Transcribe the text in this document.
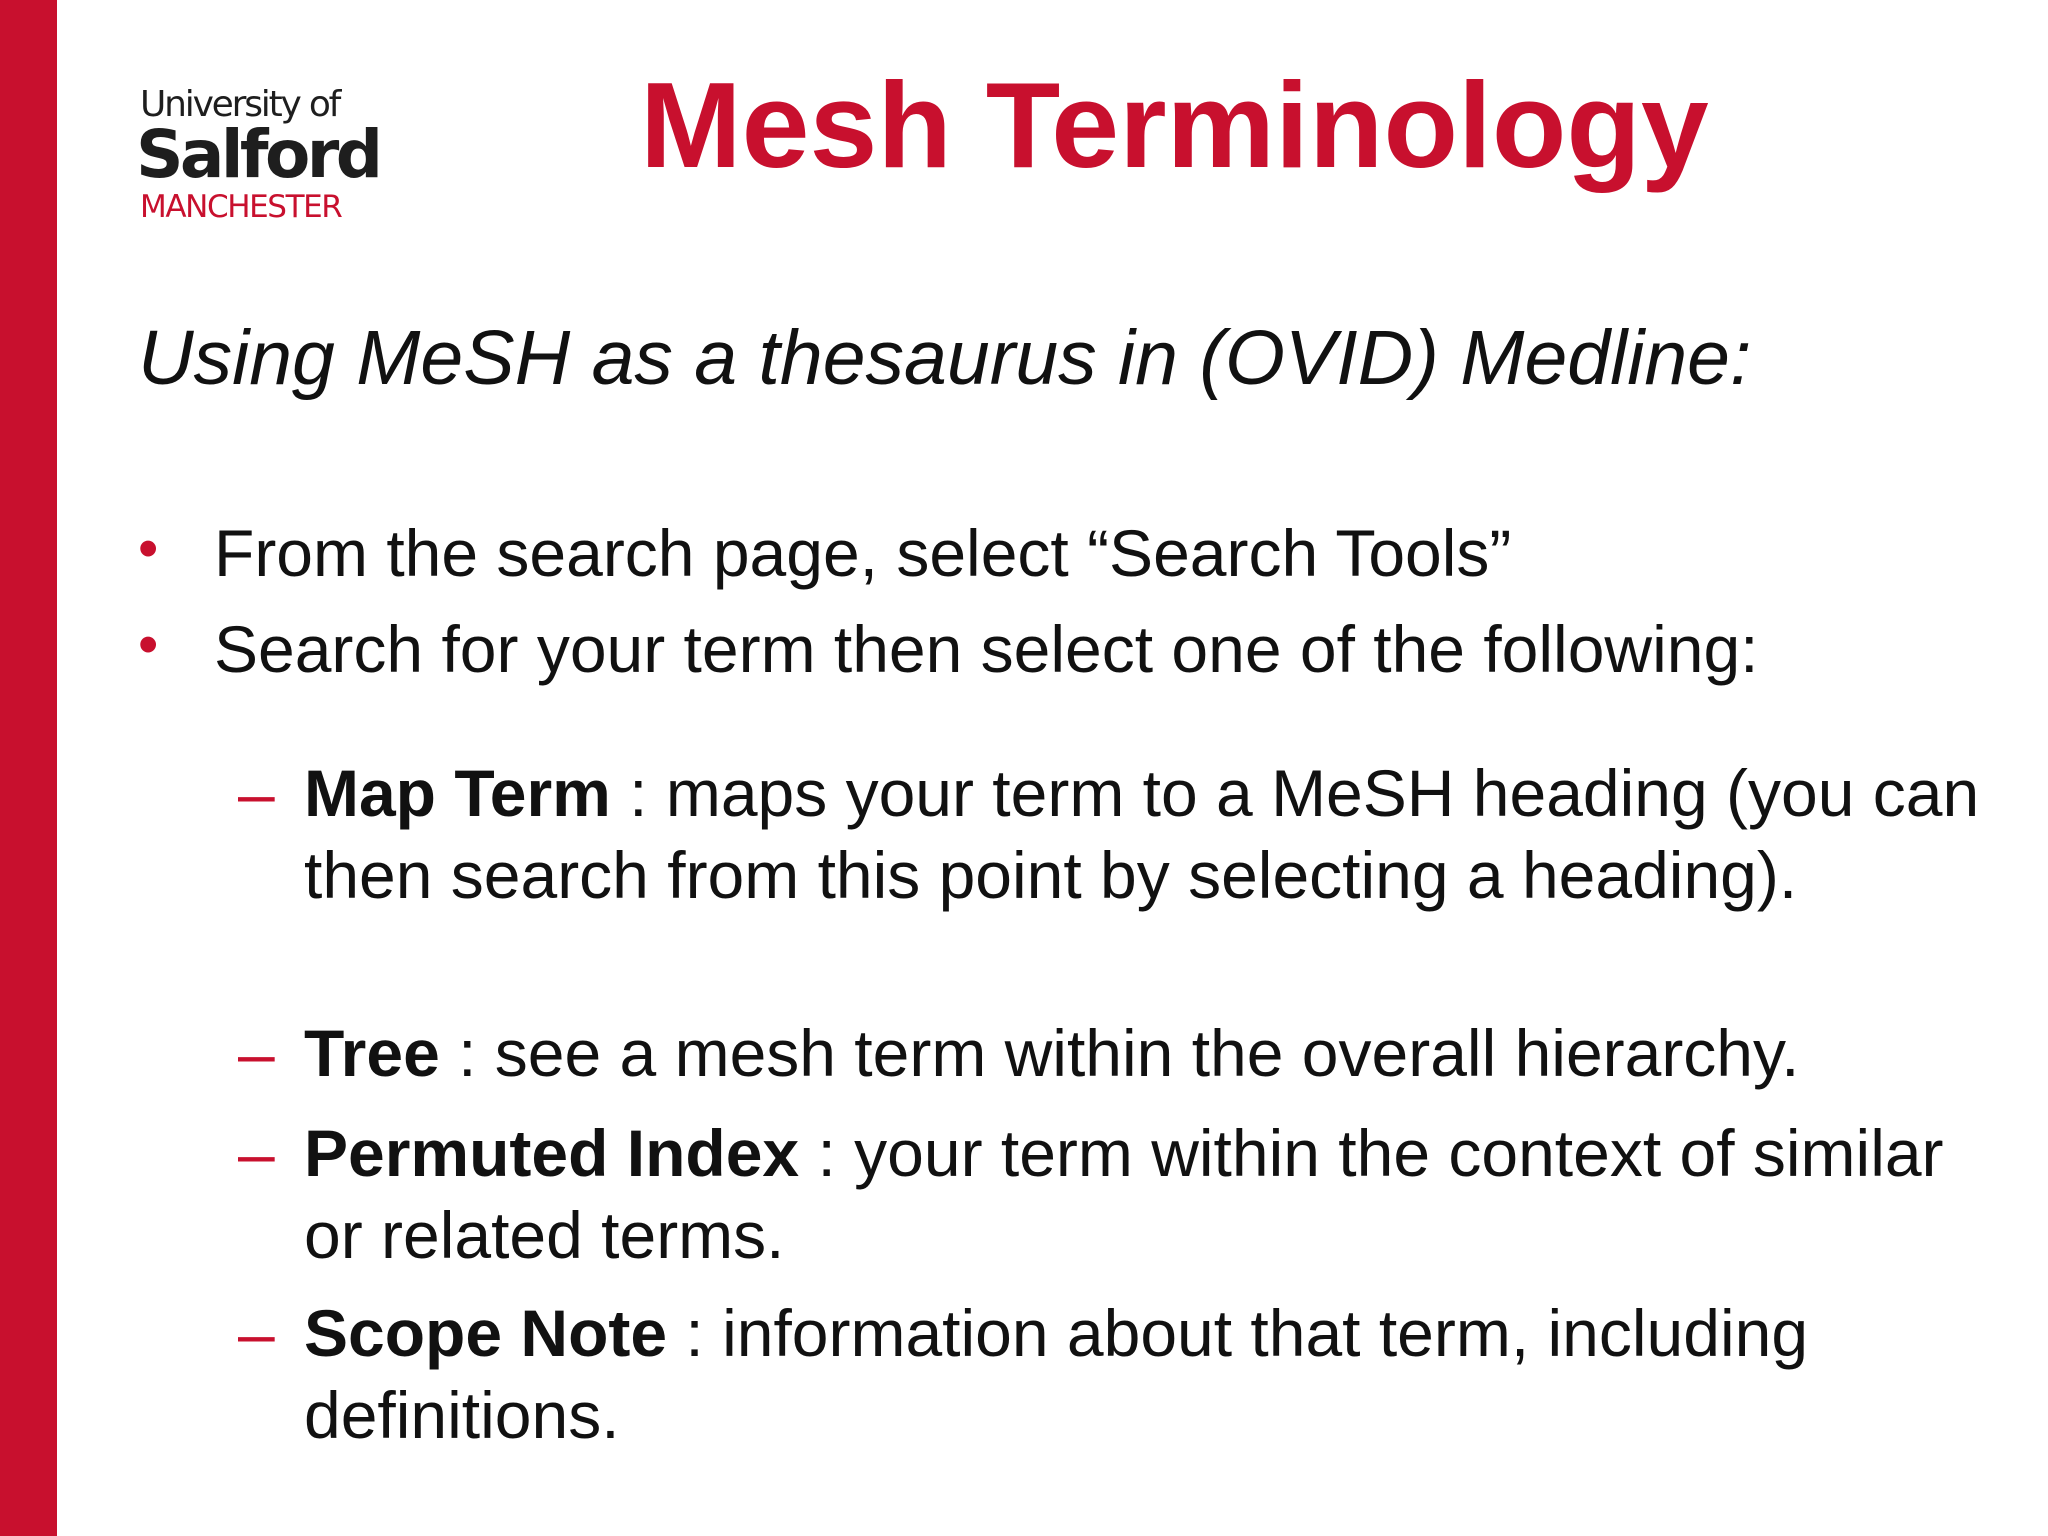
University of
Salford
MANCHESTER
Mesh Terminology
Using MeSH as a thesaurus in (OVID) Medline:
• From the search page, select “Search Tools”
• Search for your term then select one of the following:
– Map Term : maps your term to a MeSH heading (you can then search from this point by selecting a heading).
– Tree : see a mesh term within the overall hierarchy.
– Permuted Index : your term within the context of similar or related terms.
– Scope Note : information about that term, including definitions.
